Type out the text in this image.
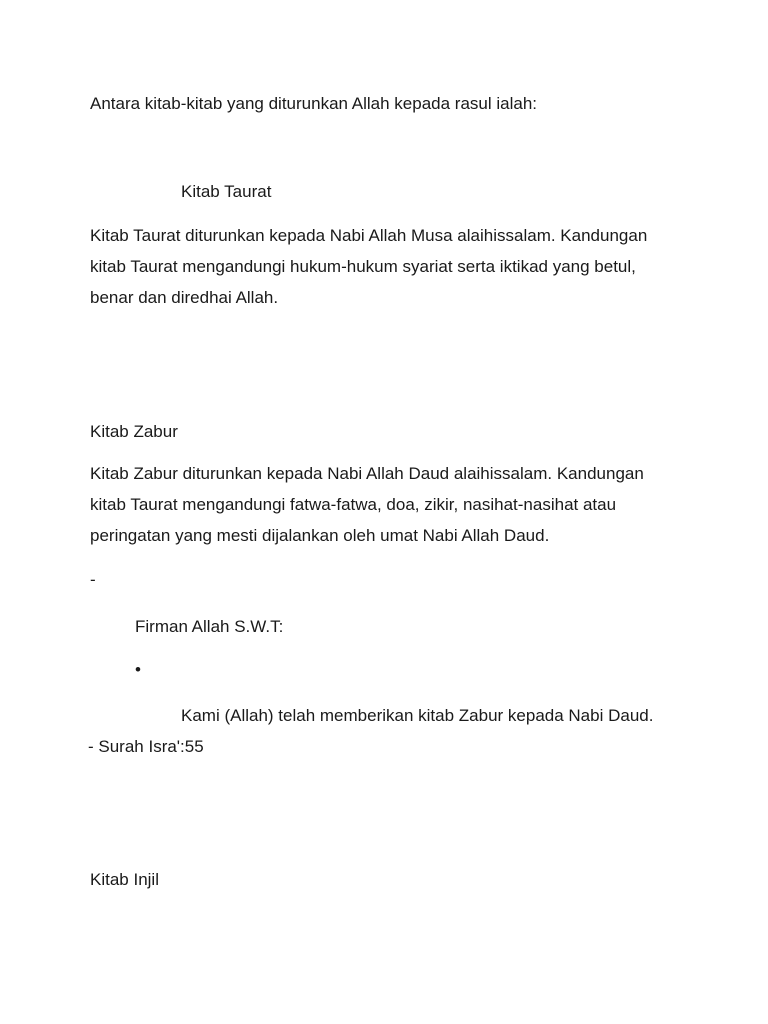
Antara kitab-kitab yang diturunkan Allah kepada rasul ialah:
Kitab Taurat
Kitab Taurat diturunkan kepada Nabi Allah Musa alaihissalam. Kandungan
kitab Taurat mengandungi hukum-hukum syariat serta iktikad yang betul,
benar dan diredhai Allah.
Kitab Zabur
Kitab Zabur diturunkan kepada Nabi Allah Daud alaihissalam. Kandungan
kitab Taurat mengandungi fatwa-fatwa, doa, zikir, nasihat-nasihat atau
peringatan yang mesti dijalankan oleh umat Nabi Allah Daud.
-
Firman Allah S.W.T:
•
Kami (Allah) telah memberikan kitab Zabur kepada Nabi Daud.
- Surah Isra':55
Kitab Injil
